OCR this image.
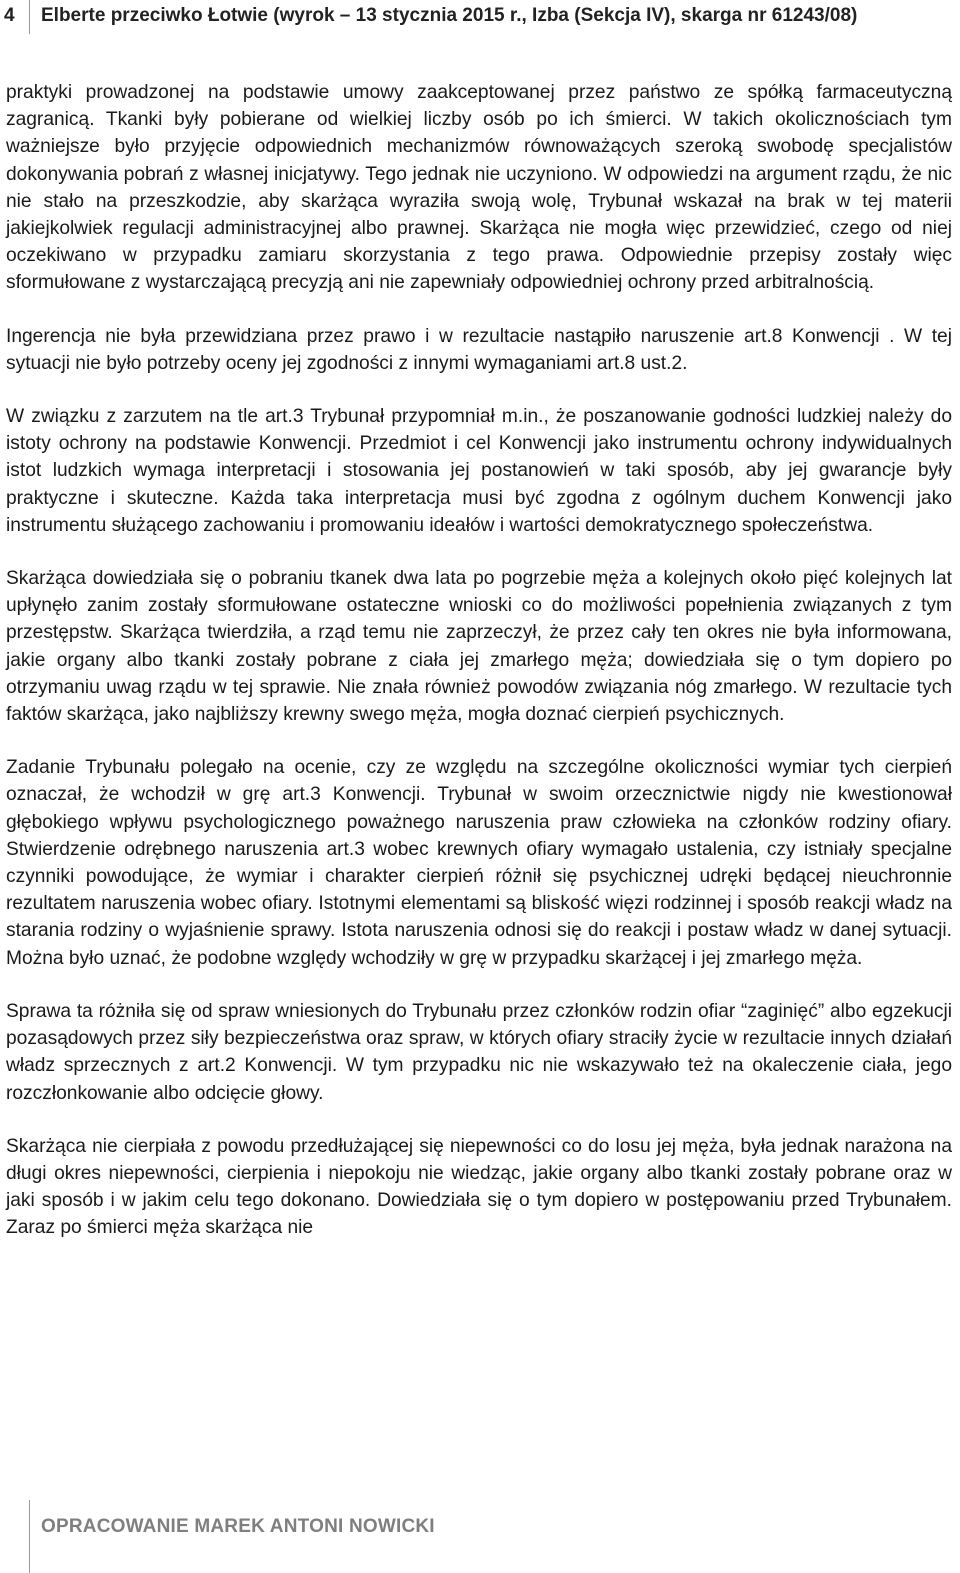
4 Elberte przeciwko Łotwie (wyrok – 13 stycznia 2015 r., Izba (Sekcja IV), skarga nr 61243/08)

praktyki prowadzonej na podstawie umowy zaakceptowanej przez państwo ze spółką farmaceutyczną zagranicą. Tkanki były pobierane od wielkiej liczby osób po ich śmierci. W takich okolicznościach tym ważniejsze było przyjęcie odpowiednich mechanizmów równoważących szeroką swobodę specjalistów dokonywania pobrań z własnej inicjatywy. Tego jednak nie uczyniono. W odpowiedzi na argument rządu, że nic nie stało na przeszkodzie, aby skarżąca wyraziła swoją wolę, Trybunał wskazał na brak w tej materii jakiejkolwiek regulacji administracyjnej albo prawnej. Skarżąca nie mogła więc przewidzieć, czego od niej oczekiwano w przypadku zamiaru skorzystania z tego prawa. Odpowiednie przepisy zostały więc sformułowane z wystarczającą precyzją ani nie zapewniały odpowiedniej ochrony przed arbitralnością.

Ingerencja nie była przewidziana przez prawo i w rezultacie nastąpiło naruszenie art.8 Konwencji . W tej sytuacji nie było potrzeby oceny jej zgodności z innymi wymaganiami art.8 ust.2.

W związku z zarzutem na tle art.3 Trybunał przypomniał m.in., że poszanowanie godności ludzkiej należy do istoty ochrony na podstawie Konwencji. Przedmiot i cel Konwencji jako instrumentu ochrony indywidualnych istot ludzkich wymaga interpretacji i stosowania jej postanowień w taki sposób, aby jej gwarancje były praktyczne i skuteczne. Każda taka interpretacja musi być zgodna z ogólnym duchem Konwencji jako instrumentu służącego zachowaniu i promowaniu ideałów i wartości demokratycznego społeczeństwa.

Skarżąca dowiedziała się o pobraniu tkanek dwa lata po pogrzebie męża a kolejnych około pięć kolejnych lat upłynęło zanim zostały sformułowane ostateczne wnioski co do możliwości popełnienia związanych z tym przestępstw. Skarżąca twierdziła, a rząd temu nie zaprzeczył, że przez cały ten okres nie była informowana, jakie organy albo tkanki zostały pobrane z ciała jej zmarłego męża; dowiedziała się o tym dopiero po otrzymaniu uwag rządu w tej sprawie. Nie znała również powodów związania nóg zmarłego. W rezultacie tych faktów skarżąca, jako najbliższy krewny swego męża, mogła doznać cierpień psychicznych.

Zadanie Trybunału polegało na ocenie, czy ze względu na szczególne okoliczności wymiar tych cierpień oznaczał, że wchodził w grę art.3 Konwencji. Trybunał w swoim orzecznictwie nigdy nie kwestionował głębokiego wpływu psychologicznego poważnego naruszenia praw człowieka na członków rodziny ofiary. Stwierdzenie odrębnego naruszenia art.3 wobec krewnych ofiary wymagało ustalenia, czy istniały specjalne czynniki powodujące, że wymiar i charakter cierpień różnił się psychicznej udręki będącej nieuchronnie rezultatem naruszenia wobec ofiary. Istotnymi elementami są bliskość więzi rodzinnej i sposób reakcji władz na starania rodziny o wyjaśnienie sprawy. Istota naruszenia odnosi się do reakcji i postaw władz w danej sytuacji. Można było uznać, że podobne względy wchodziły w grę w przypadku skarżącej i jej zmarłego męża.

Sprawa ta różniła się od spraw wniesionych do Trybunału przez członków rodzin ofiar “zaginięć” albo egzekucji pozasądowych przez siły bezpieczeństwa oraz spraw, w których ofiary straciły życie w rezultacie innych działań władz sprzecznych z art.2 Konwencji. W tym przypadku nic nie wskazywało też na okaleczenie ciała, jego rozczłonkowanie albo odcięcie głowy.

Skarżąca nie cierpiała z powodu przedłużającej się niepewności co do losu jej męża, była jednak narażona na długi okres niepewności, cierpienia i niepokoju nie wiedząc, jakie organy albo tkanki zostały pobrane oraz w jaki sposób i w jakim celu tego dokonano. Dowiedziała się o tym dopiero w postępowaniu przed Trybunałem. Zaraz po śmierci męża skarżąca nie

OPRACOWANIE MAREK ANTONI NOWICKI
